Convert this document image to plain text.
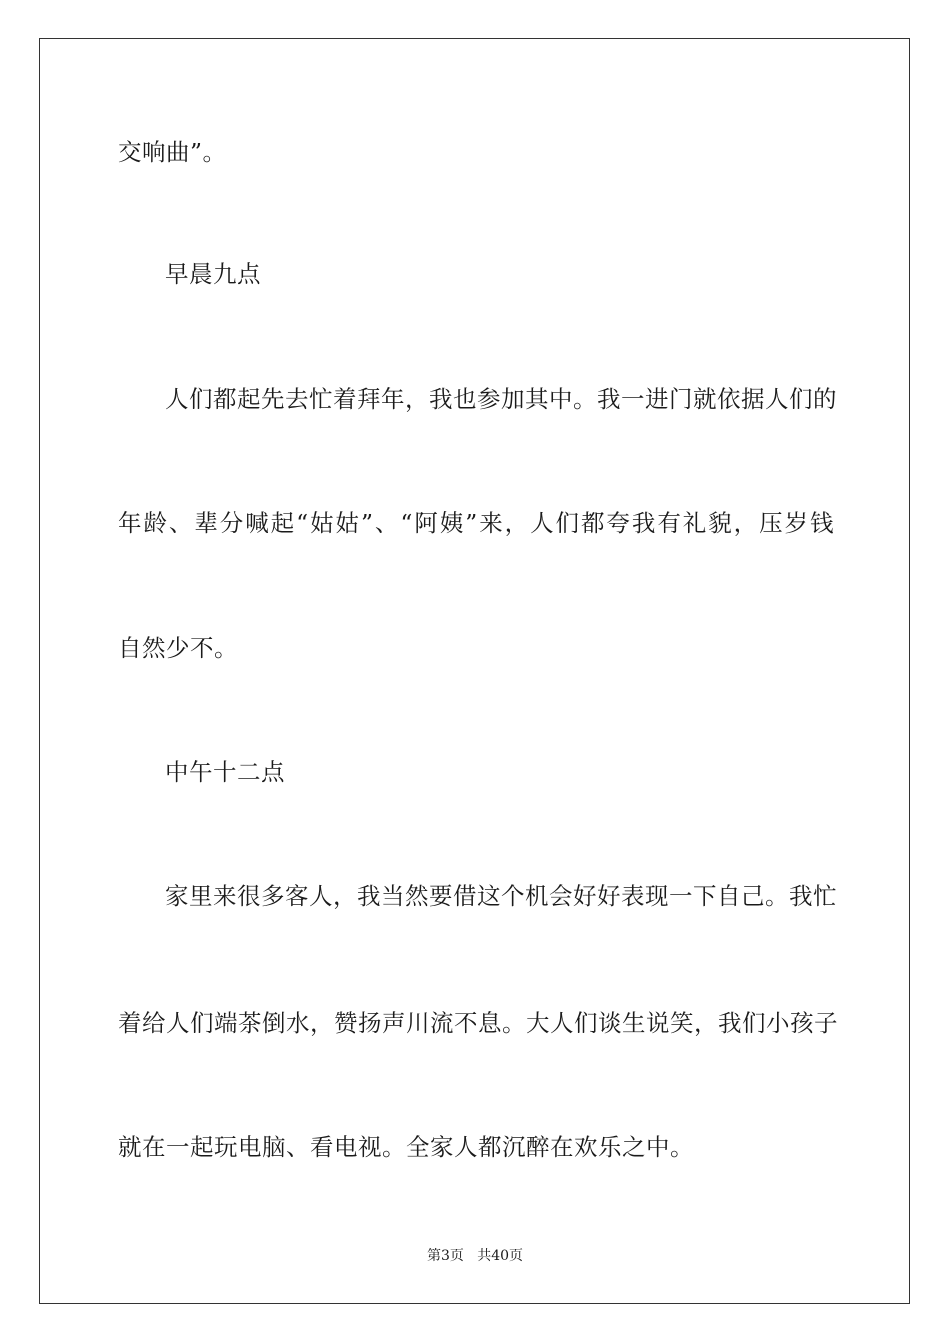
交响曲”。
早晨九点
人们都起先去忙着拜年，我也参加其中。我一进门就依据人们的
年龄、辈分喊起“姑姑”、“阿姨”来，人们都夸我有礼貌，压岁钱
自然少不。
中午十二点
家里来很多客人，我当然要借这个机会好好表现一下自己。我忙
着给人们端茶倒水，赞扬声川流不息。大人们谈生说笑，我们小孩子
就在一起玩电脑、看电视。全家人都沉醉在欢乐之中。
第3页   共40页
